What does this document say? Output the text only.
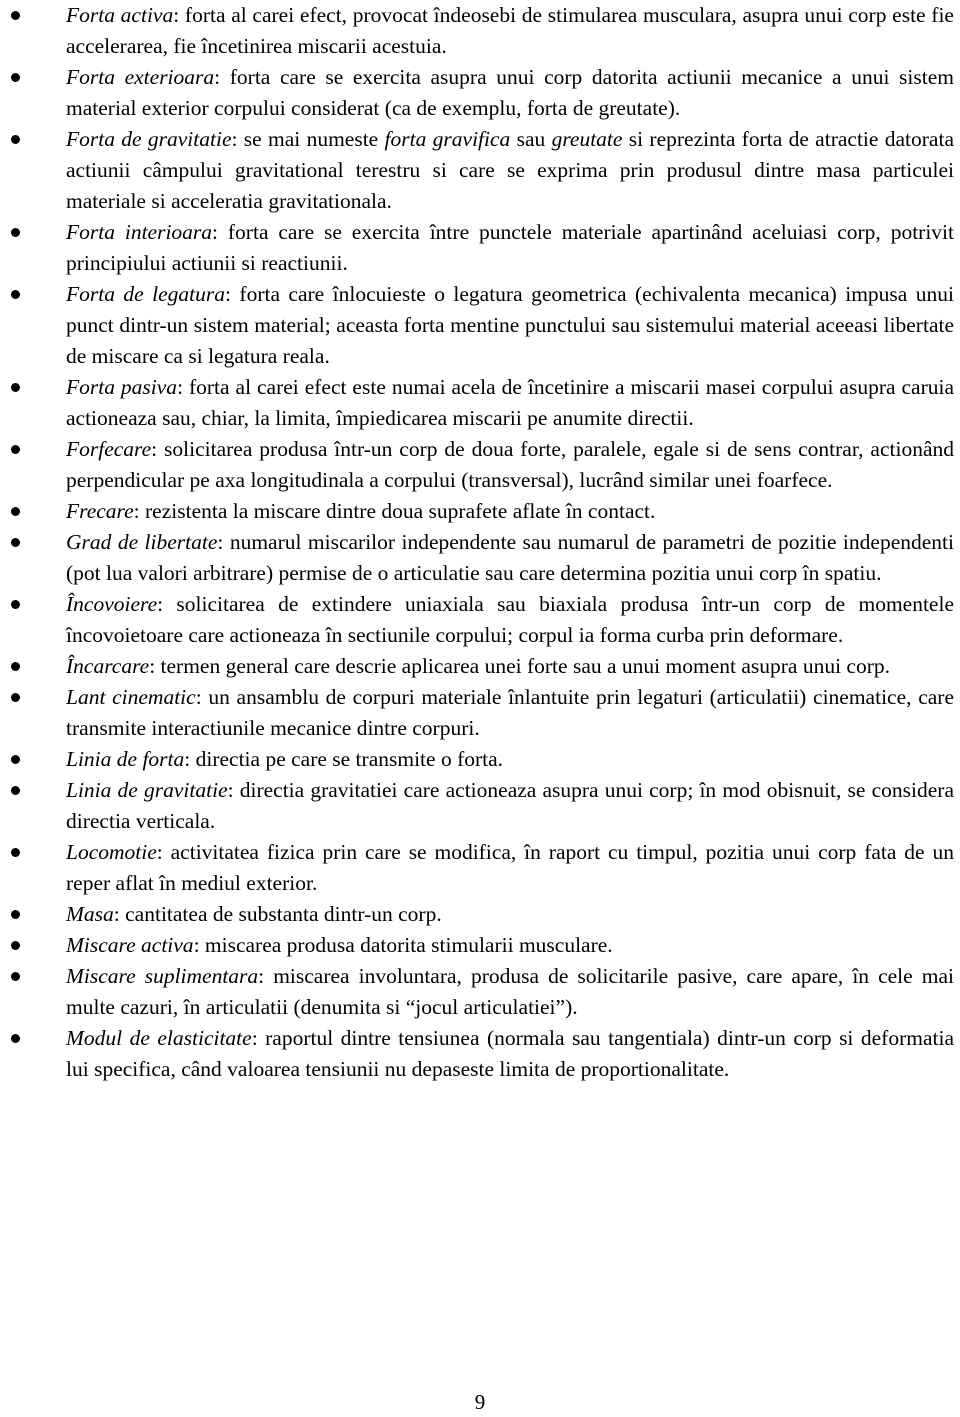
Forta activa: forta al carei efect, provocat îndeosebi de stimularea musculara, asupra unui corp este fie accelerarea, fie încetinirea miscarii acestuia.
Forta exterioara: forta care se exercita asupra unui corp datorita actiunii mecanice a unui sistem material exterior corpului considerat (ca de exemplu, forta de greutate).
Forta de gravitatie: se mai numeste forta gravifica sau greutate si reprezinta forta de atractie datorata actiunii câmpului gravitational terestru si care se exprima prin produsul dintre masa particulei materiale si acceleratia gravitationala.
Forta interioara: forta care se exercita între punctele materiale apartinând aceluiasi corp, potrivit principiului actiunii si reactiunii.
Forta de legatura: forta care înlocuieste o legatura geometrica (echivalenta mecanica) impusa unui punct dintr-un sistem material; aceasta forta mentine punctului sau sistemului material aceeasi libertate de miscare ca si legatura reala.
Forta pasiva: forta al carei efect este numai acela de încetinire a miscarii masei corpului asupra caruia actioneaza sau, chiar, la limita, împiedicarea miscarii pe anumite directii.
Forfecare: solicitarea produsa într-un corp de doua forte, paralele, egale si de sens contrar, actionând perpendicular pe axa longitudinala a corpului (transversal), lucrând similar unei foarfece.
Frecare: rezistenta la miscare dintre doua suprafete aflate în contact.
Grad de libertate: numarul miscarilor independente sau numarul de parametri de pozitie independenti (pot lua valori arbitrare) permise de o articulatie sau care determina pozitia unui corp în spatiu.
Încovoiere: solicitarea de extindere uniaxiala sau biaxiala produsa într-un corp de momentele încovoietoare care actioneaza în sectiunile corpului; corpul ia forma curba prin deformare.
Încarcare: termen general care descrie aplicarea unei forte sau a unui moment asupra unui corp.
Lant cinematic: un ansamblu de corpuri materiale înlantuite prin legaturi (articulatii) cinematice, care transmite interactiunile mecanice dintre corpuri.
Linia de forta: directia pe care se transmite o forta.
Linia de gravitatie: directia gravitatiei care actioneaza asupra unui corp; în mod obisnuit, se considera directia verticala.
Locomotie: activitatea fizica prin care se modifica, în raport cu timpul, pozitia unui corp fata de un reper aflat în mediul exterior.
Masa: cantitatea de substanta dintr-un corp.
Miscare activa: miscarea produsa datorita stimularii musculare.
Miscare suplimentara: miscarea involuntara, produsa de solicitarile pasive, care apare, în cele mai multe cazuri, în articulatii (denumita si “jocul articulatiei”).
Modul de elasticitate: raportul dintre tensiunea (normala sau tangentiala) dintr-un corp si deformatia lui specifica, când valoarea tensiunii nu depaseste limita de proportionalitate.
9
